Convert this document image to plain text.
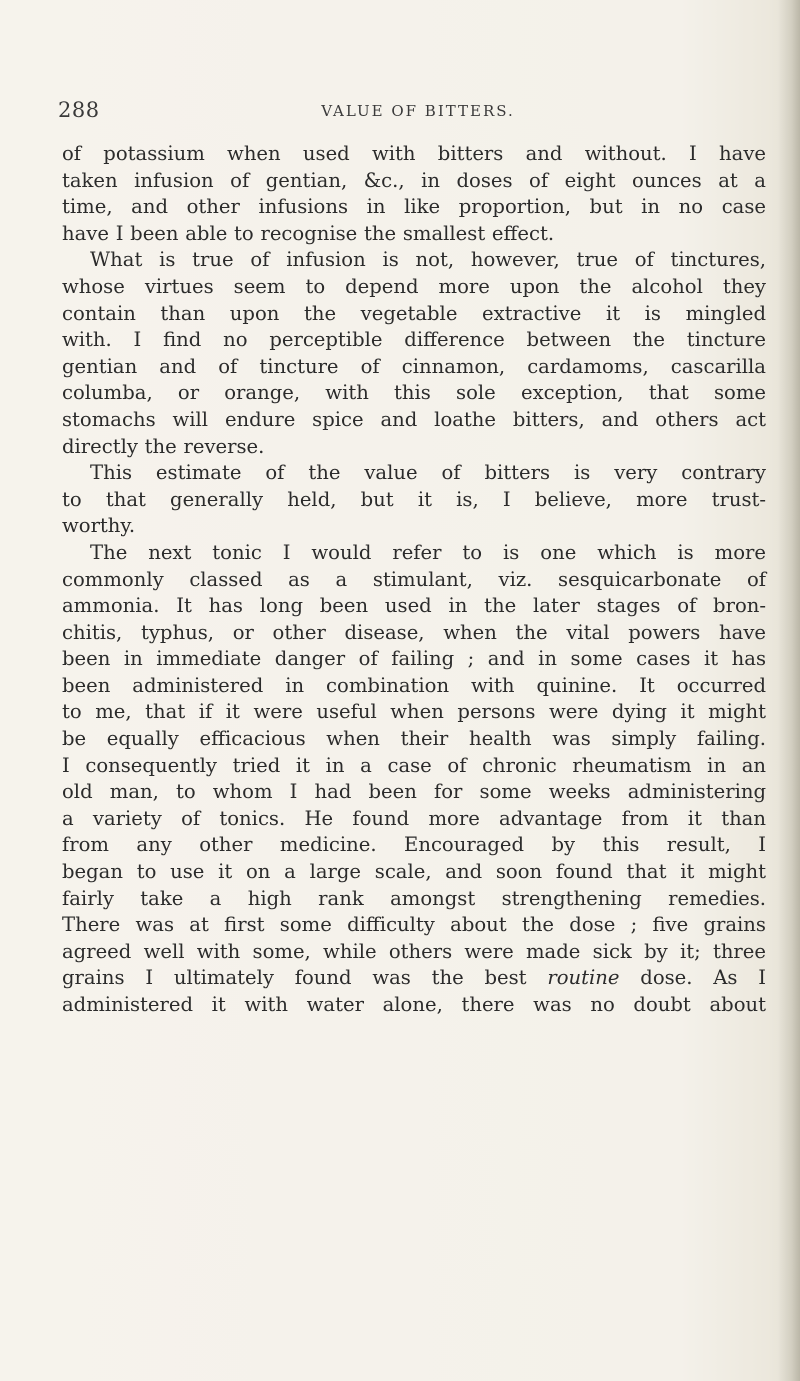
288	VALUE OF BITTERS.

of potassium when used with bitters and without. I have

taken infusion of gentian, &c., in doses of eight ounces at a

time, and other infusions in like proportion, but in no case

have I been able to recognise the smallest effect.

What is true of infusion is not, however, true of tinctures,

whose virtues seem to depend more upon the alcohol they

contain than upon the vegetable extractive it is mingled

with. I find no perceptible difference between the tincture

gentian and of tincture of cinnamon, cardamoms, cascarilla

columba, or orange, with this sole exception, that some

stomachs will endure spice and loathe bitters, and others act

directly the reverse.

This estimate of the value of bitters is very contrary

to that generally held, but it is, I believe, more trust-

worthy.

The next tonic I would refer to is one which is more

commonly classed as a stimulant, viz. sesquicarbonate of

ammonia. It has long been used in the later stages of bron-

chitis, typhus, or other disease, when the vital powers have

been in immediate danger of failing ; and in some cases it has

been administered in combination with quinine. It occurred

to me, that if it were useful when persons were dying it might

be equally efficacious when their health was simply failing.

I consequently tried it in a case of chronic rheumatism in an

old man, to whom I had been for some weeks administering

a variety of tonics. He found more advantage from it than

from any other medicine. Encouraged by this result, I

began to use it on a large scale, and soon found that it might

fairly take a high rank amongst strengthening remedies.

There was at first some difficulty about the dose ; five grains

agreed well with some, while others were made sick by it; three

grains I ultimately found was the best routine dose. As I

administered it with water alone, there was no doubt about
